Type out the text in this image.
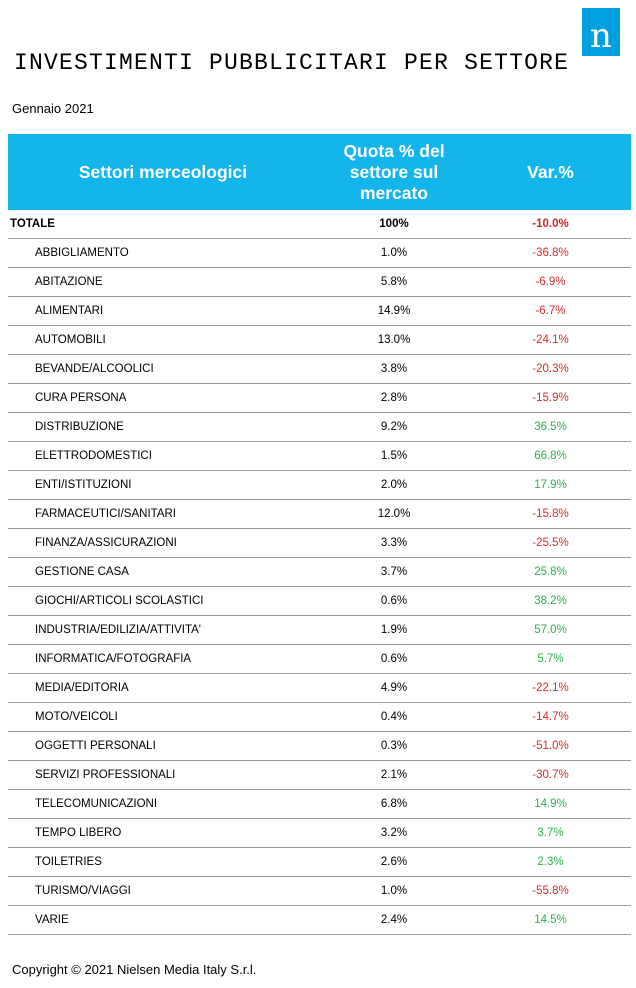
n
INVESTIMENTI PUBBLICITARI PER SETTORE
Gennaio 2021
Settori merceologici	Quota % del settore sul mercato	Var.%
TOTALE	100%	-10.0%
ABBIGLIAMENTO	1.0%	-36.8%
ABITAZIONE	5.8%	-6.9%
ALIMENTARI	14.9%	-6.7%
AUTOMOBILI	13.0%	-24.1%
BEVANDE/ALCOOLICI	3.8%	-20.3%
CURA PERSONA	2.8%	-15.9%
DISTRIBUZIONE	9.2%	36.5%
ELETTRODOMESTICI	1.5%	66.8%
ENTI/ISTITUZIONI	2.0%	17.9%
FARMACEUTICI/SANITARI	12.0%	-15.8%
FINANZA/ASSICURAZIONI	3.3%	-25.5%
GESTIONE CASA	3.7%	25.8%
GIOCHI/ARTICOLI SCOLASTICI	0.6%	38.2%
INDUSTRIA/EDILIZIA/ATTIVITA'	1.9%	57.0%
INFORMATICA/FOTOGRAFIA	0.6%	5.7%
MEDIA/EDITORIA	4.9%	-22.1%
MOTO/VEICOLI	0.4%	-14.7%
OGGETTI PERSONALI	0.3%	-51.0%
SERVIZI PROFESSIONALI	2.1%	-30.7%
TELECOMUNICAZIONI	6.8%	14.9%
TEMPO LIBERO	3.2%	3.7%
TOILETRIES	2.6%	2.3%
TURISMO/VIAGGI	1.0%	-55.8%
VARIE	2.4%	14.5%
Copyright © 2021 Nielsen Media Italy S.r.l.
